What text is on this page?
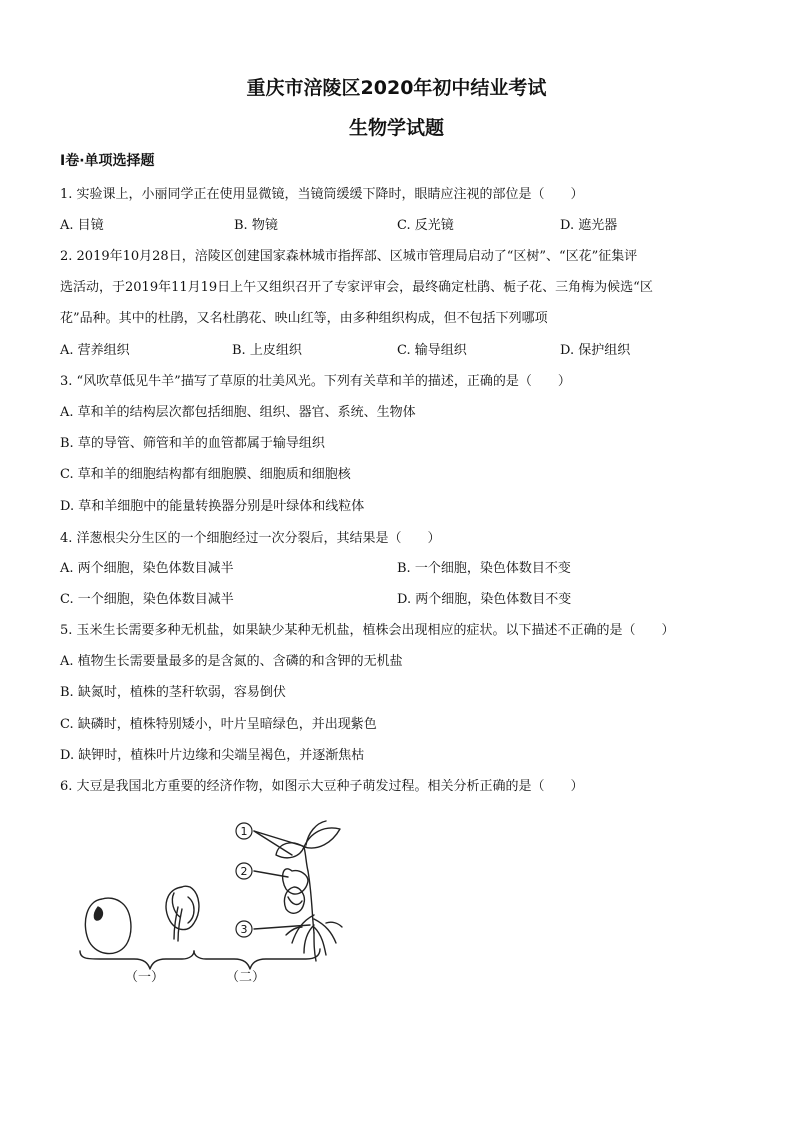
重庆市涪陵区2020年初中结业考试
生物学试题
Ⅰ卷·单项选择题
1. 实验课上，小丽同学正在使用显微镜，当镜筒缓缓下降时，眼睛应注视的部位是（　　）
A. 目镜	B. 物镜	C. 反光镜	D. 遮光器
2. 2019年10月28日，涪陵区创建国家森林城市指挥部、区城市管理局启动了“区树”、“区花”征集评
选活动，于2019年11月19日上午又组织召开了专家评审会，最终确定杜鹃、栀子花、三角梅为候选“区
花”品种。其中的杜鹃，又名杜鹃花、映山红等，由多种组织构成，但不包括下列哪项
A. 营养组织	B. 上皮组织	C. 输导组织	D. 保护组织
3. “风吹草低见牛羊”描写了草原的壮美风光。下列有关草和羊的描述，正确的是（　　）
A. 草和羊的结构层次都包括细胞、组织、器官、系统、生物体
B. 草的导管、筛管和羊的血管都属于输导组织
C. 草和羊的细胞结构都有细胞膜、细胞质和细胞核
D. 草和羊细胞中的能量转换器分别是叶绿体和线粒体
4. 洋葱根尖分生区的一个细胞经过一次分裂后，其结果是（　　）
A. 两个细胞，染色体数目减半	B. 一个细胞，染色体数目不变
C. 一个细胞，染色体数目减半	D. 两个细胞，染色体数目不变
5. 玉米生长需要多种无机盐，如果缺少某种无机盐，植株会出现相应的症状。以下描述不正确的是（　　）
A. 植物生长需要量最多的是含氮的、含磷的和含钾的无机盐
B. 缺氮时，植株的茎秆软弱，容易倒伏
C. 缺磷时，植株特别矮小，叶片呈暗绿色，并出现紫色
D. 缺钾时，植株叶片边缘和尖端呈褐色，并逐渐焦枯
6. 大豆是我国北方重要的经济作物，如图示大豆种子萌发过程。相关分析正确的是（　　）
1
2
3
（一）	（二）
